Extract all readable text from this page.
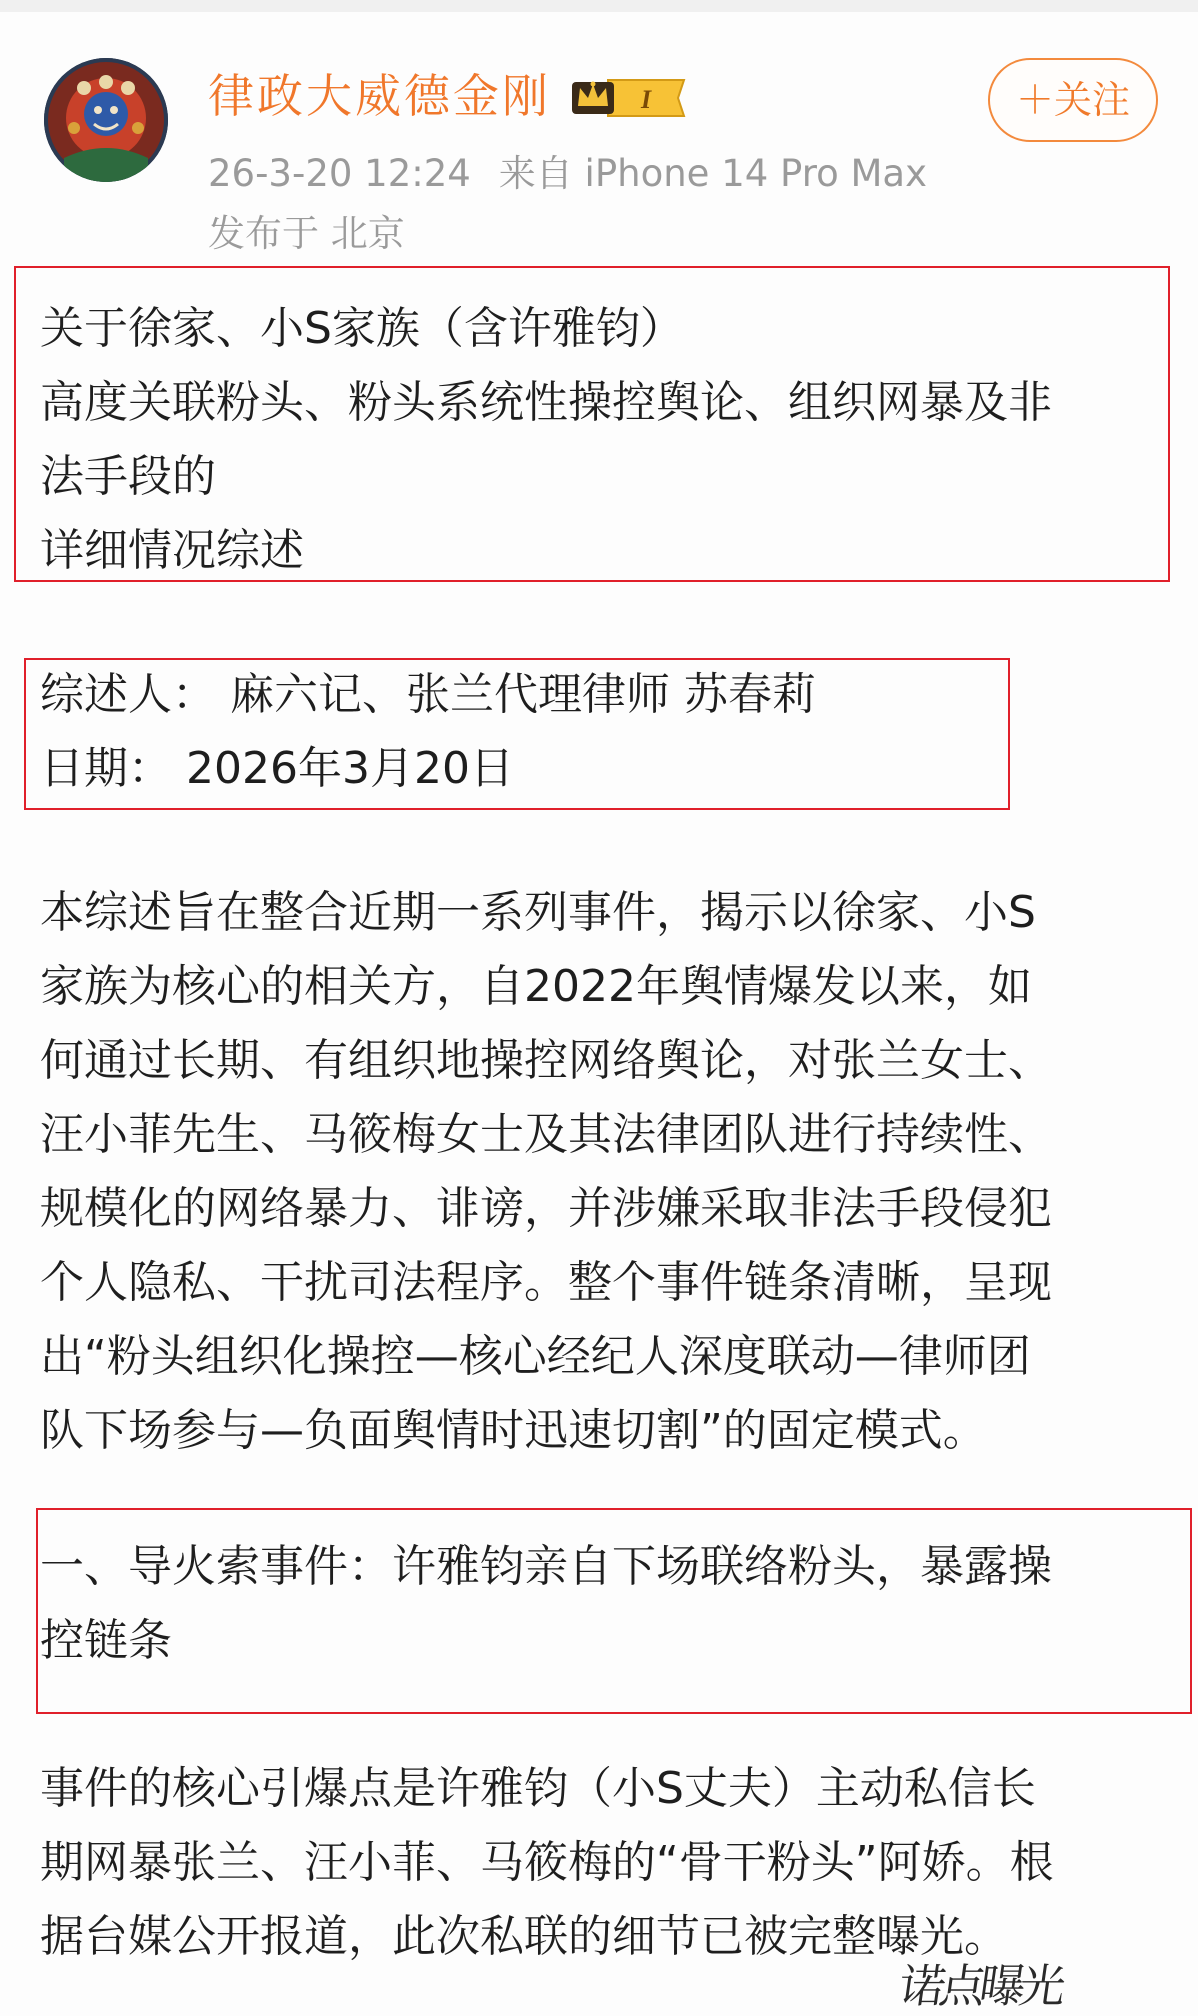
律政大威德金刚	I	＋关注
26-3-20 12:24 来自 iPhone 14 Pro Max
发布于 北京
关于徐家、小S家族（含许雅钧）
高度关联粉头、粉头系统性操控舆论、组织网暴及非
法手段的
详细情况综述
综述人： 麻六记、张兰代理律师 苏春莉
日期： 2026年3月20日
本综述旨在整合近期一系列事件，揭示以徐家、小S
家族为核心的相关方，自2022年舆情爆发以来，如
何通过长期、有组织地操控网络舆论，对张兰女士、
汪小菲先生、马筱梅女士及其法律团队进行持续性、
规模化的网络暴力、诽谤，并涉嫌采取非法手段侵犯
个人隐私、干扰司法程序。整个事件链条清晰，呈现
出“粉头组织化操控—核心经纪人深度联动—律师团
队下场参与—负面舆情时迅速切割”的固定模式。
一、导火索事件：许雅钧亲自下场联络粉头，暴露操
控链条
事件的核心引爆点是许雅钧（小S丈夫）主动私信长
期网暴张兰、汪小菲、马筱梅的“骨干粉头”阿娇。根
据台媒公开报道，此次私联的细节已被完整曝光。
诺点曝光
